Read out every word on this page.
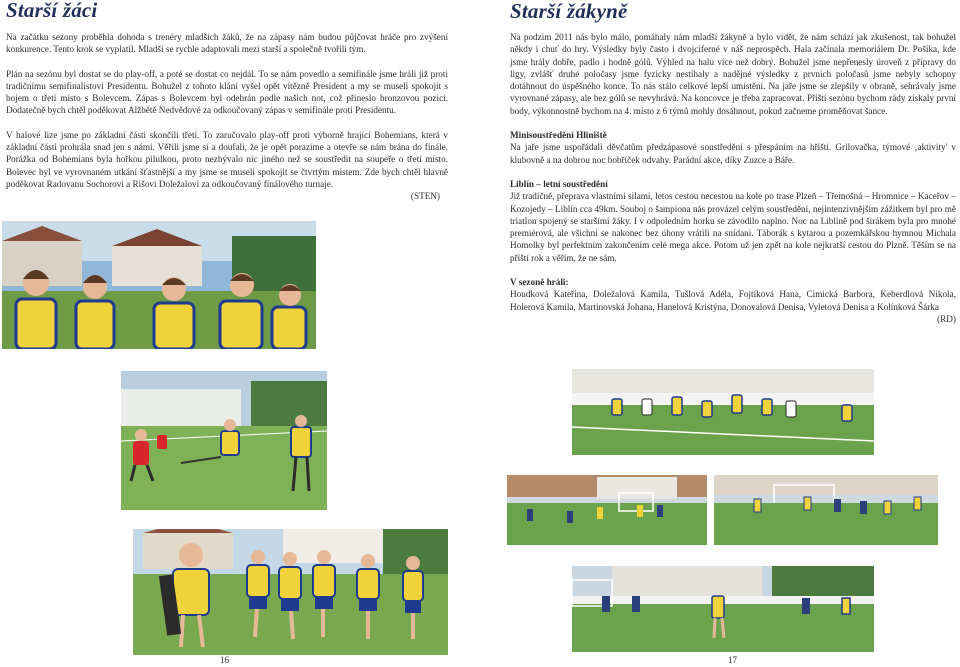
Starší žáci

Na začátku sezony proběhla dohoda s trenéry mladších žáků, že na zápasy nám budou půjčovat hráče pro zvýšení konkurence. Tento krok se vyplatil. Mladší se rychle adaptovali mezi starší a společně tvořili tým.

Plán na sezónu byl dostat se do play-off, a poté se dostat co nejdál. To se nám povedlo a semifinále jsme hráli již proti tradičnímu semifinalistovi Presidentu. Bohužel z tohoto klání vyšel opět vítězně President a my se museli spokojit s bojem o třetí místo s Bolevcem. Zápas s Bolevcem byl odehrán podle našich not, což přineslo bronzovou pozici. Dodatečně bych chtěl poděkovat Alžbětě Nedvědové za odkoučovaný zápas v semifinále proti Presidentu.

V halové lize jsme po základní části skončili třetí. To zaručovalo play-off proti výborně hrající Bohemians, která v základní části prohrála snad jen s námi. Věřili jsme si a doufali, že je opět porazíme a otevře se nám brána do finále. Porážka od Bohemians byla hořkou pilulkou, proto nezbývalo nic jiného než se soustředit na soupeře o třetí místo. Bolevec byl ve vyrovnaném utkání šťastnější a my jsme se museli spokojit se čtvrtým místem. Zde bych chtěl hlavně poděkovat Radovanu Sochorovi a Rišovi Doležalovi za odkoučovaný finálového turnaje.

(STEN)
16
Starší žákyně

Na podzim 2011 nás bylo málo, pomáhaly nám mladší žákyně a bylo vidět, že nám schází jak zkušenost, tak bohužel někdy i chuť do hry. Výsledky byly často i dvojciferné v náš neprospěch. Hala začínala memoriálem Dr. Pošíka, kde jsme hrály dobře, padlo i hodně gólů. Výhled na halu více než dobrý. Bohužel jsme nepřenesly úroveň z přípravy do ligy, zvlášť druhé poločasy jsme fyzicky nestíhaly a nadějné výsledky z prvních poločasů jsme nebyly schopny dotáhnout do úspěšného konce. To nás stálo celkové lepší umístění. Na jaře jsme se zlepšily v obraně, sehrávaly jsme vyrovnané zápasy, ale bez gólů se nevyhrává. Na koncovce je třeba zapracovat. Příští sezónu bychom rády získaly první body, výkonnostně bychom na 4. místo z 6 týmů mohly dosáhnout, pokud začneme proměňovat šance.

Minisoustředění Hliniště

Na jaře jsme uspořádali děvčatům předzápasové soustředění s přespáním na hřišti. Grilovačka, týmové ‚aktivity' v klubovně a na dobrou noc bobříček odvahy. Parádní akce, díky Zuzce a Báře.

Liblín – letní soustředění

Již tradičně, přeprava vlastními silami, letos cestou necestou na kole po trase Plzeň – Třemošná – Hromnice – Kaceřov – Kozojedy – Liblín cca 49km. Souboj o šampiona nás provázel celým soustředění, nejintenzivnějším zážitkem byl pro mě triatlon spojený se staršími žáky. I v odpoledním horku se závodilo naplno. Noc na Liblíně pod širákem byla pro mnohé premiérová, ale všichni se nakonec bez úhony vrátili na snídani. Táborák s kytarou a pozemkářskou hymnou Michala Homolky byl perfektním zakončením celé mega akce. Potom už jen zpět na kole nejkratší cestou do Plzně. Těším se na příští rok a věřím, že ne sám.

V sezoně hráli:

Houdková Kateřina, Doležalová Kamila, Tušlová Adéla, Fojtíková Hana, Cimická Barbora, Keberdlová Nikola, Holerová Kamila, Martinovská Johana, Hanelová Kristýna, Donovalová Denisa, Vyletová Denisa a Kolínková Šárka
(RD)

17
